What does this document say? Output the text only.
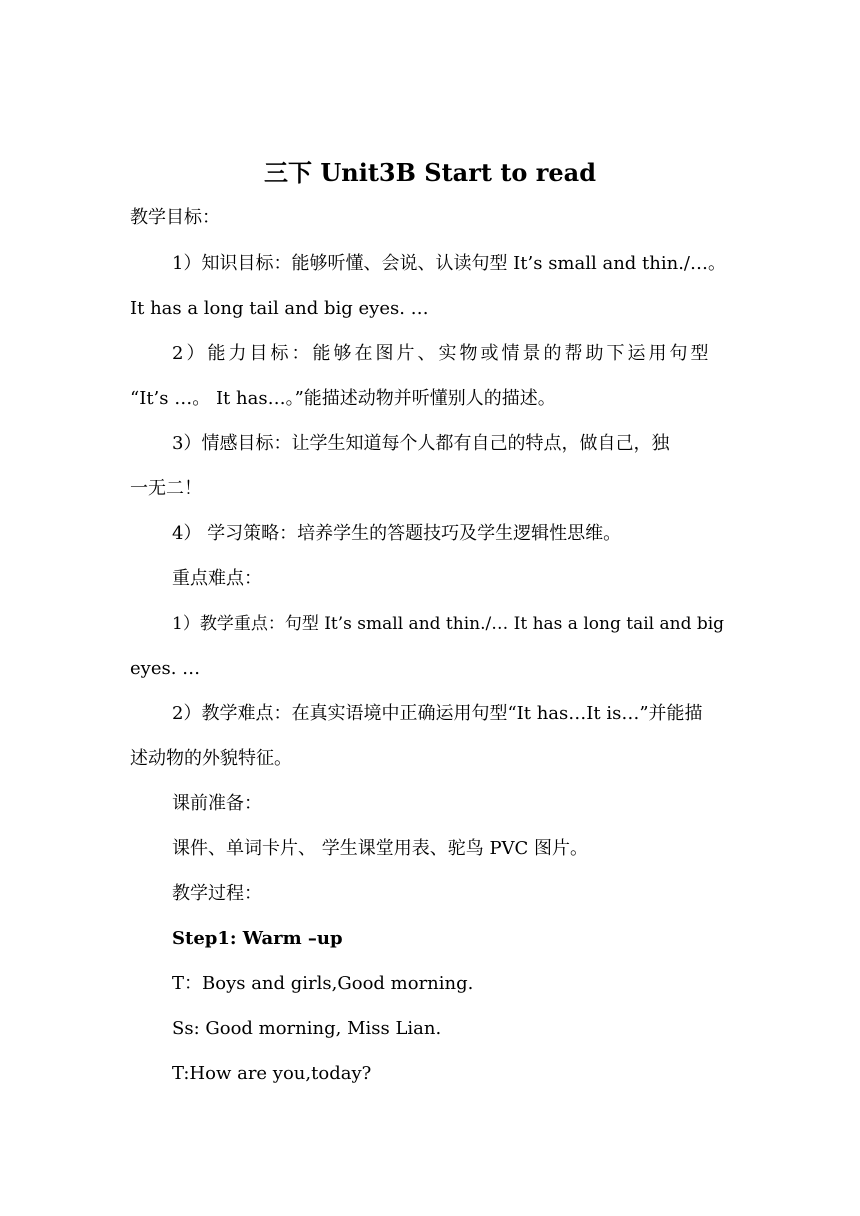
三下 Unit3B Start to read

教学目标：

1）知识目标：能够听懂、会说、认读句型 It’s small and thin./…。

It has a long tail and big eyes. …

2）能力目标：能够在图片、实物或情景的帮助下运用句型

“It’s …。 It has…。”能描述动物并听懂别人的描述。

3）情感目标：让学生知道每个人都有自己的特点，做自己，独

一无二！

4） 学习策略：培养学生的答题技巧及学生逻辑性思维。

重点难点：

1）教学重点：句型 It’s small and thin./… It has a long tail and big

eyes. …

2）教学难点：在真实语境中正确运用句型“It has…It is…”并能描

述动物的外貌特征。

课前准备：

课件、单词卡片、 学生课堂用表、驼鸟 PVC 图片。

教学过程：

Step1: Warm –up

T：Boys and girls,Good morning.

Ss: Good morning, Miss Lian.

T:How are you,today?
